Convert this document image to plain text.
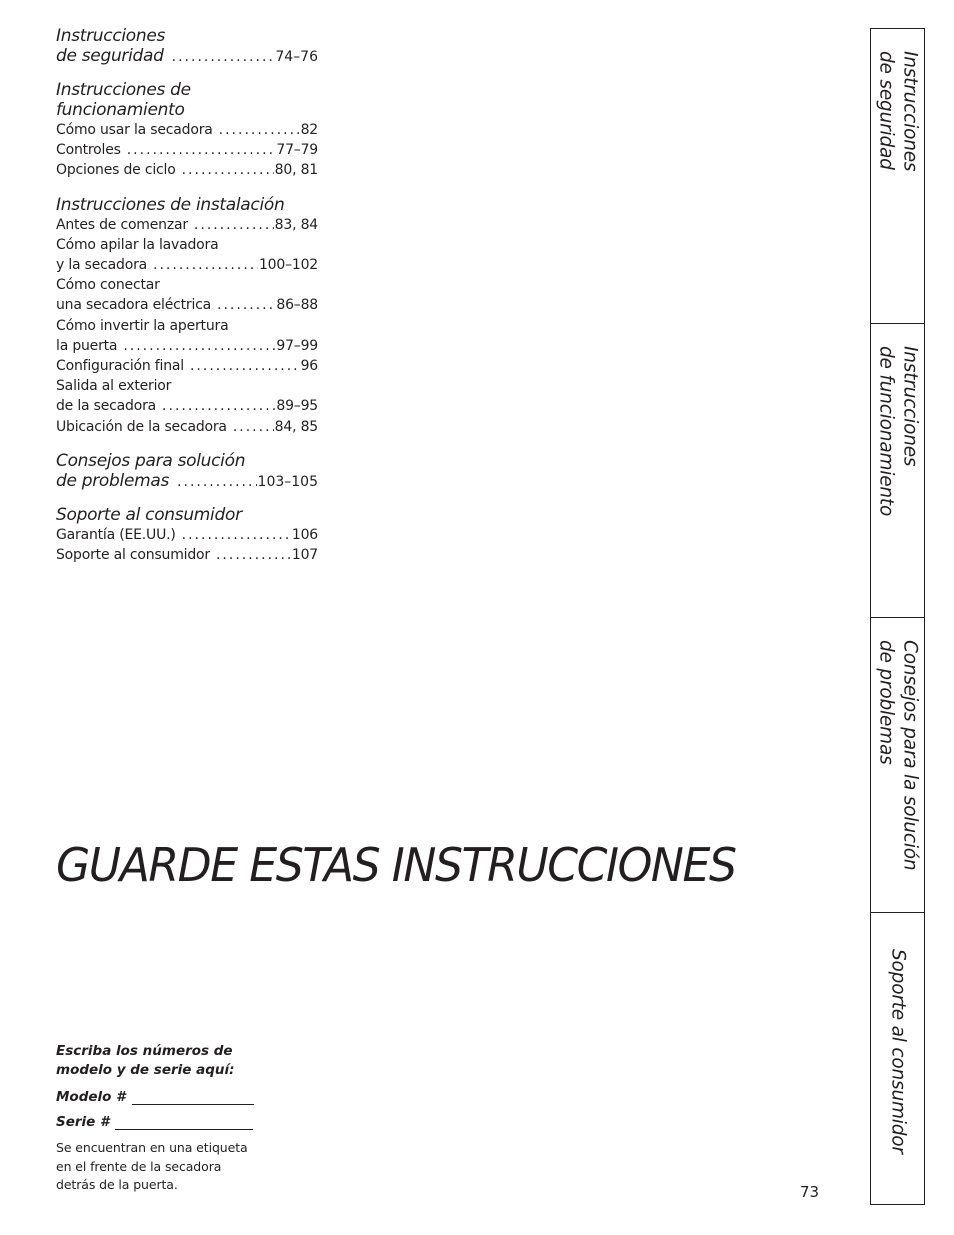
Instrucciones
de seguridad .....	74–76
Instrucciones de funcionamiento
Cómo usar la secadora .....	82
Controles .....	77–79
Opciones de ciclo .....	80, 81
Instrucciones de instalación
Antes de comenzar .....	83, 84
Cómo apilar la lavadora
y la secadora .....	100–102
Cómo conectar
una secadora eléctrica .....	86–88
Cómo invertir la apertura
la puerta .....	97–99
Configuración final .....	96
Salida al exterior
de la secadora .....	89–95
Ubicación de la secadora .....	84, 85
Consejos para solución
de problemas .....	103–105
Soporte al consumidor
Garantía (EE.UU.) .....	106
Soporte al consumidor .....	107
GUARDE ESTAS INSTRUCCIONES
Escriba los números de
modelo y de serie aquí:
Modelo #
Serie #
Se encuentran en una etiqueta
en el frente de la secadora
detrás de la puerta.	73
Instrucciones
de seguridad
Instrucciones
de funcionamiento
Consejos para la solución
de problemas
Soporte al consumidor
